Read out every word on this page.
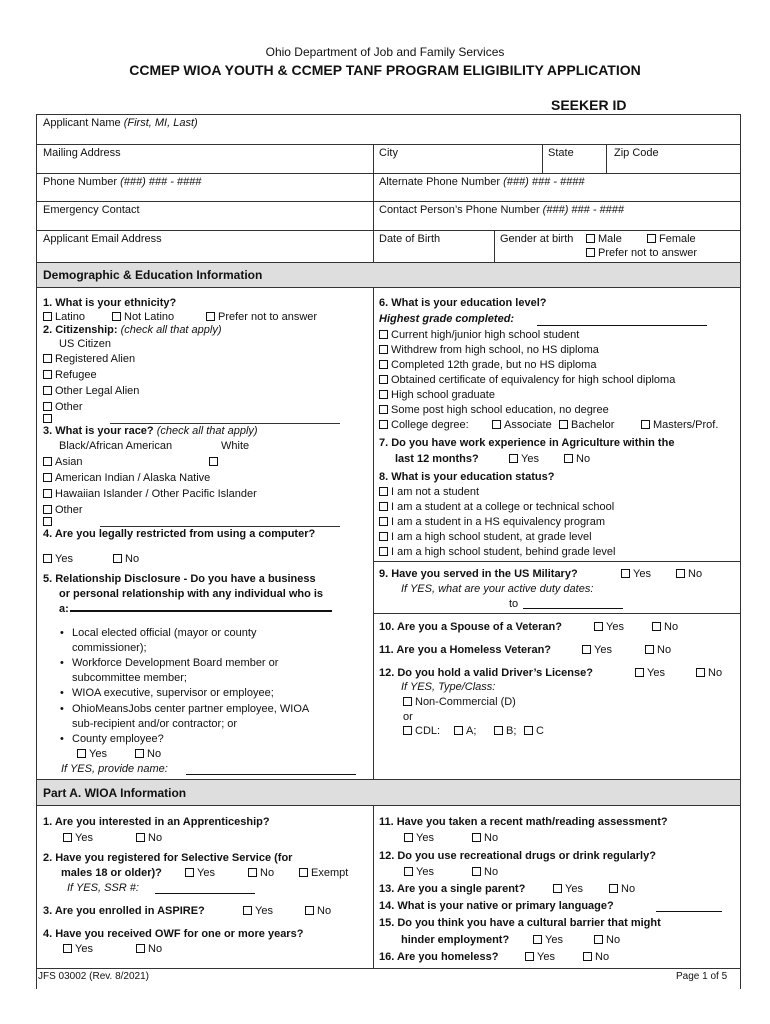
Ohio Department of Job and Family Services
CCMEP WIOA YOUTH & CCMEP TANF PROGRAM ELIGIBILITY APPLICATION
SEEKER ID
Applicant Name (First, MI, Last)
Mailing Address	City	State	Zip Code
Phone Number (###) ### - ####	Alternate Phone Number (###) ### - ####
Emergency Contact	Contact Person’s Phone Number (###) ### - ####
Applicant Email Address	Date of Birth	Gender at birth	Male	Female
Prefer not to answer
Demographic & Education Information
1. What is your ethnicity?
Latino	Not Latino	Prefer not to answer
2. Citizenship: (check all that apply)
US Citizen
Registered Alien
Refugee
Other Legal Alien
Other
3. What is your race? (check all that apply)
Black/African American	White
Asian
American Indian / Alaska Native
Hawaiian Islander / Other Pacific Islander
Other
4. Are you legally restricted from using a computer?
Yes	No
5. Relationship Disclosure - Do you have a business
or personal relationship with any individual who is
a:
• Local elected official (mayor or county
commissioner);
• Workforce Development Board member or
subcommittee member;
• WIOA executive, supervisor or employee;
• OhioMeansJobs center partner employee, WIOA
sub-recipient and/or contractor; or
• County employee?
Yes	No
If YES, provide name:
6. What is your education level?
Highest grade completed:
Current high/junior high school student
Withdrew from high school, no HS diploma
Completed 12th grade, but no HS diploma
Obtained certificate of equivalency for high school diploma
High school graduate
Some post high school education, no degree
College degree:	Associate	Bachelor	Masters/Prof.
7. Do you have work experience in Agriculture within the
last 12 months?	Yes	No
8. What is your education status?
I am not a student
I am a student at a college or technical school
I am a student in a HS equivalency program
I am a high school student, at grade level
I am a high school student, behind grade level
9. Have you served in the US Military?	Yes	No
If YES, what are your active duty dates:
to
10. Are you a Spouse of a Veteran?	Yes	No
11. Are you a Homeless Veteran?	Yes	No
12. Do you hold a valid Driver’s License?	Yes	No
If YES, Type/Class:
Non-Commercial (D)
or
CDL:	A;	B;	C
Part A. WIOA Information
1. Are you interested in an Apprenticeship?
Yes	No
2. Have you registered for Selective Service (for
males 18 or older)?	Yes	No	Exempt
If YES, SSR #:
3. Are you enrolled in ASPIRE?	Yes	No
4. Have you received OWF for one or more years?
Yes	No
11. Have you taken a recent math/reading assessment?
Yes	No
12. Do you use recreational drugs or drink regularly?
Yes	No
13. Are you a single parent?	Yes	No
14. What is your native or primary language?
15. Do you think you have a cultural barrier that might
hinder employment?	Yes	No
16. Are you homeless?	Yes	No
JFS 03002 (Rev. 8/2021)	Page 1 of 5
